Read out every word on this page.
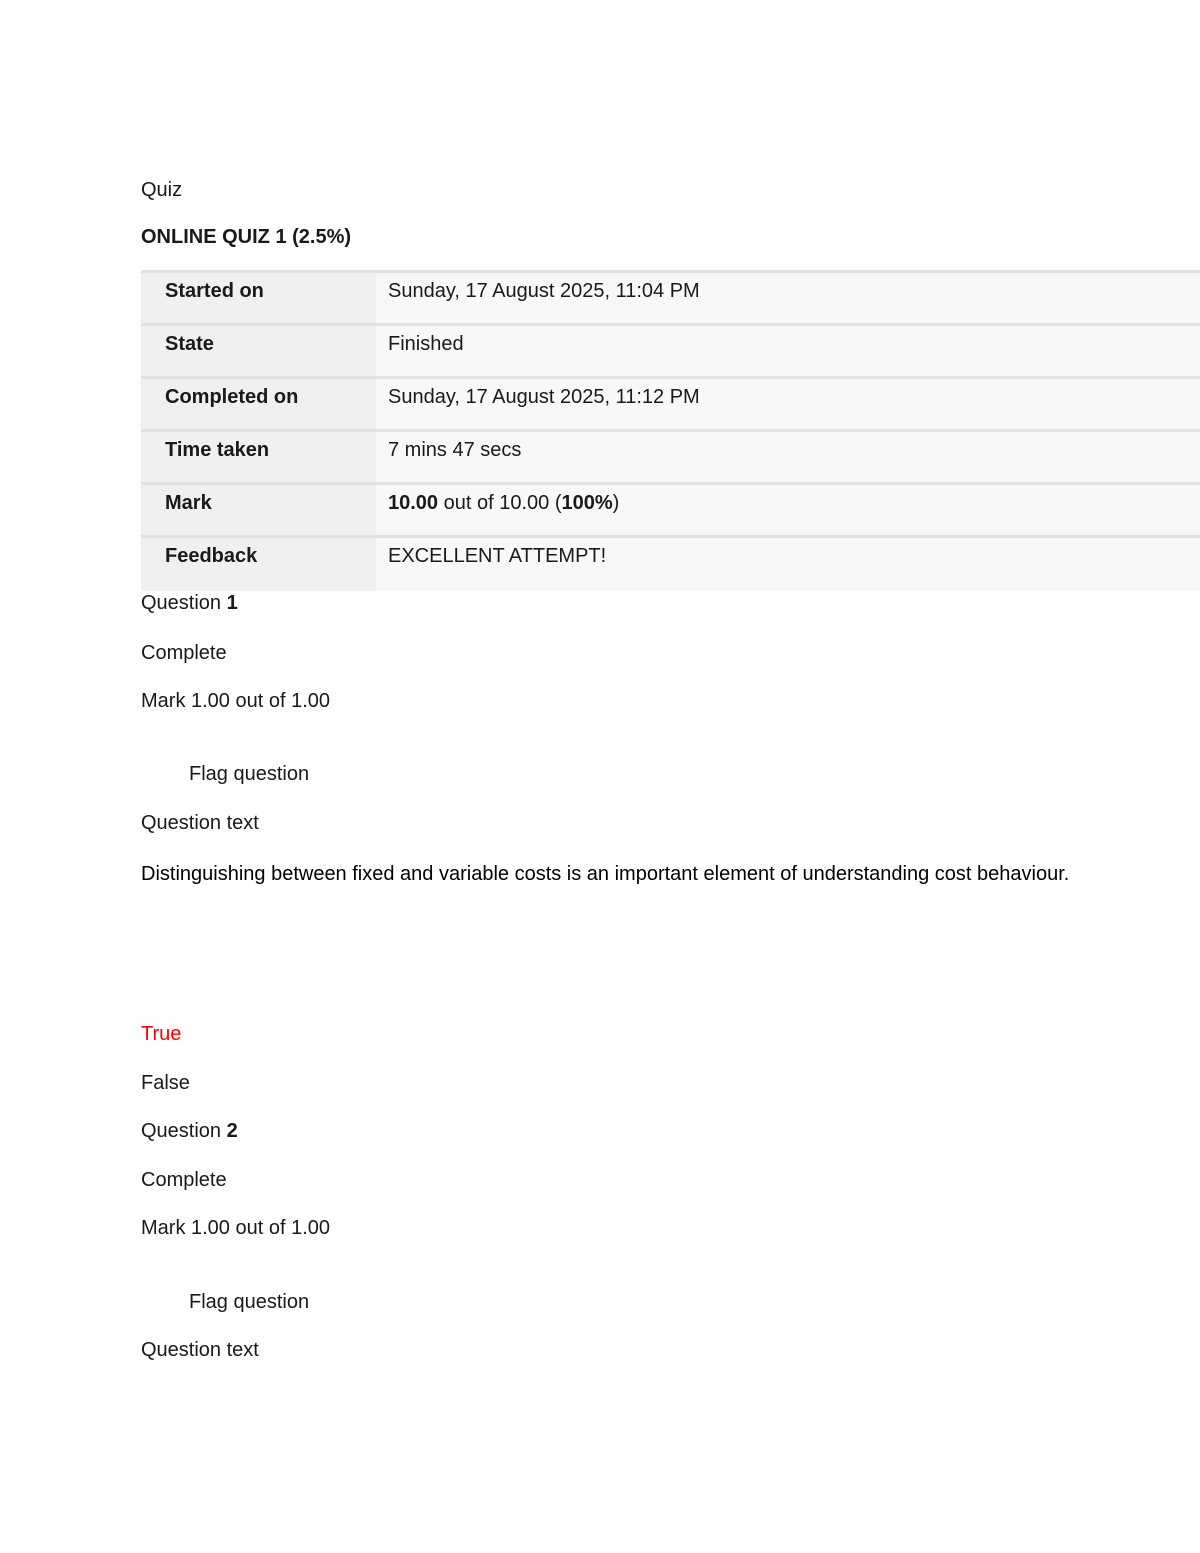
Quiz
ONLINE QUIZ 1 (2.5%)
Started on	Sunday, 17 August 2025, 11:04 PM
State	Finished
Completed on	Sunday, 17 August 2025, 11:12 PM
Time taken	7 mins 47 secs
Mark	10.00 out of 10.00 (100%)
Feedback	EXCELLENT ATTEMPT!
Question 1
Complete
Mark 1.00 out of 1.00
Flag question
Question text
Distinguishing between fixed and variable costs is an important element of understanding cost behaviour.
True
False
Question 2
Complete
Mark 1.00 out of 1.00
Flag question
Question text
